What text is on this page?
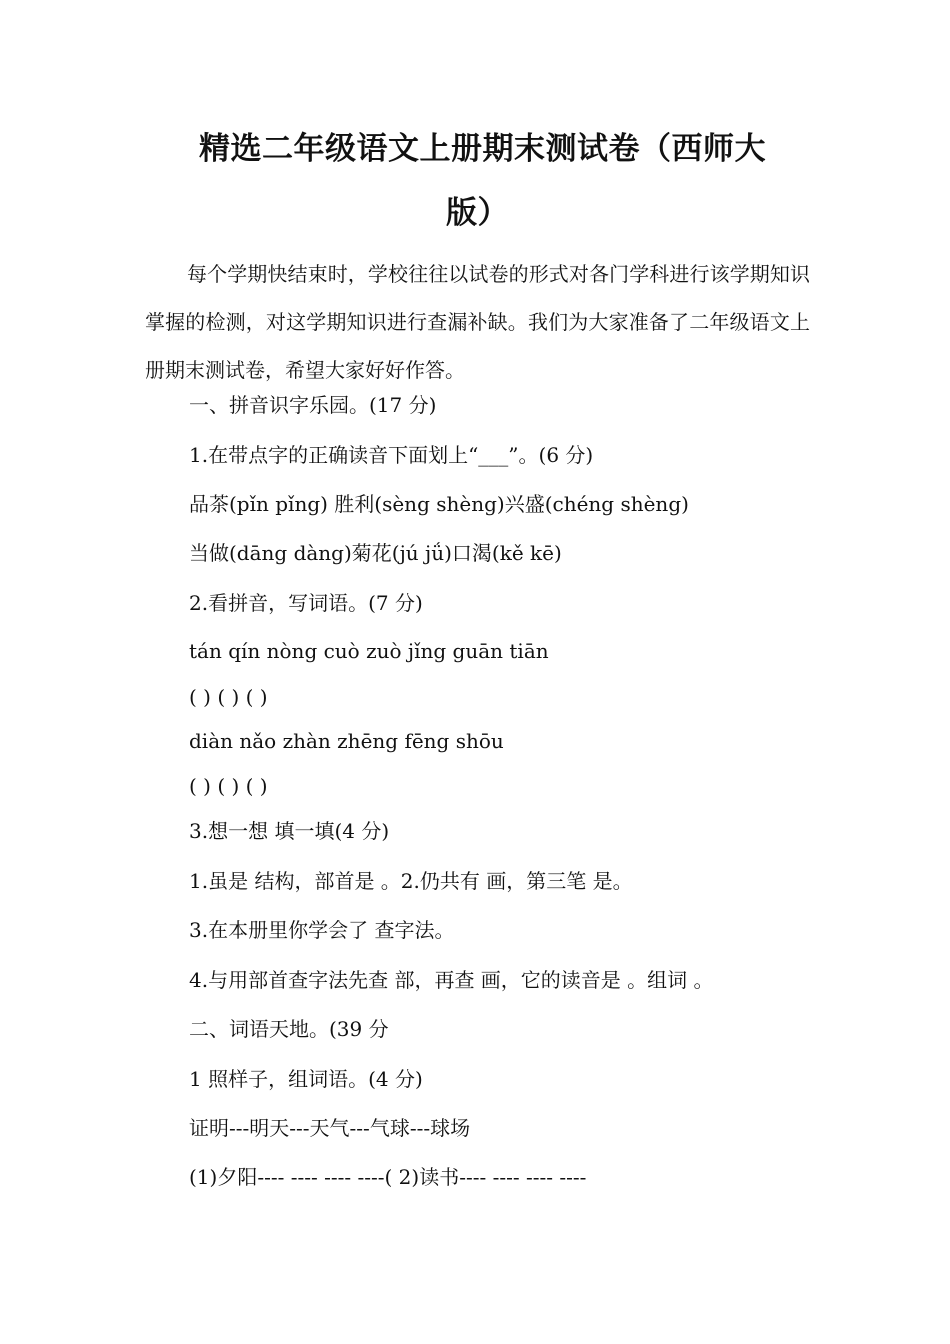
精选二年级语文上册期末测试卷（西师大
版）
每个学期快结束时，学校往往以试卷的形式对各门学科进行该学期知识掌握的检测，对这学期知识进行查漏补缺。我们为大家准备了二年级语文上册期末测试卷，希望大家好好作答。
一、拼音识字乐园。(17 分)
1.在带点字的正确读音下面划上“___”。(6 分)
品茶(pǐn pǐng) 胜利(sèng shèng)兴盛(chéng shèng)
当做(dāng dàng)菊花(jú jǘ)口渴(kě kē)
2.看拼音，写词语。(7 分)
tán qín nòng cuò zuò jǐng guān tiān
( ) ( ) ( )
diàn nǎo zhàn zhēng fēng shōu
( ) ( ) ( )
3.想一想 填一填(4 分)
1.虽是 结构，部首是 。2.仍共有 画，第三笔 是。
3.在本册里你学会了 查字法。
4.与用部首查字法先查 部，再查 画，它的读音是 。组词 。
二、词语天地。(39 分
1 照样子，组词语。(4 分)
证明---明天---天气---气球---球场
(1)夕阳---- ---- ---- ----( 2)读书---- ---- ---- ----
